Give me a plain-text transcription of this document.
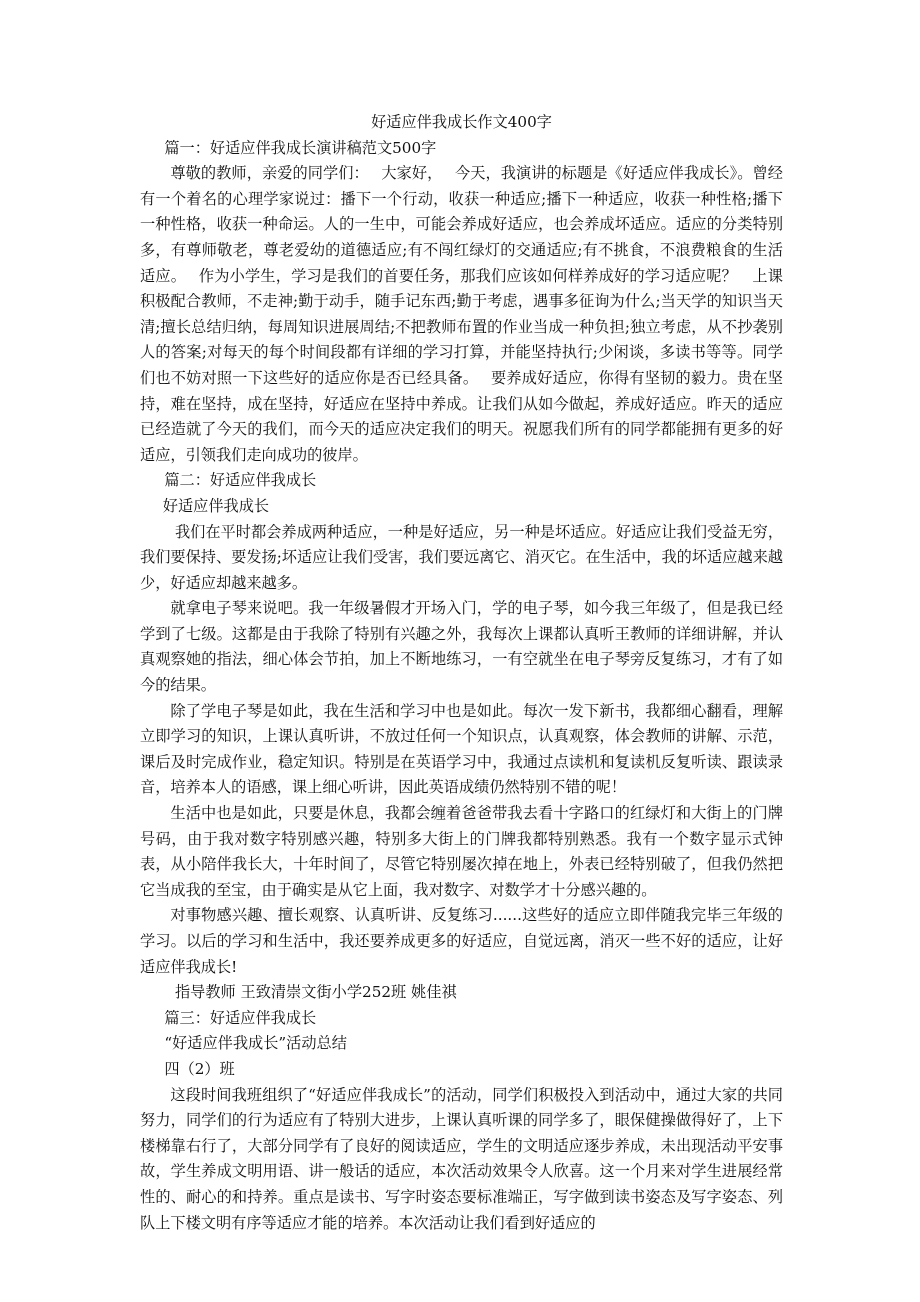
好适应伴我成长作文400字

篇一：好适应伴我成长演讲稿范文500字

尊敬的教师，亲爱的同学们：　 大家好，　 今天，我演讲的标题是《好适应伴我成长》。曾经有一个着名的心理学家说过：播下一个行动，收获一种适应;播下一种适应，收获一种性格;播下一种性格，收获一种命运。人的一生中，可能会养成好适应，也会养成坏适应。适应的分类特别多，有尊师敬老，尊老爱幼的道德适应;有不闯红绿灯的交通适应;有不挑食，不浪费粮食的生活适应。　 作为小学生，学习是我们的首要任务，那我们应该如何样养成好的学习适应呢？　上课积极配合教师，不走神;勤于动手，随手记东西;勤于考虑，遇事多征询为什么;当天学的知识当天清;擅长总结归纳，每周知识进展周结;不把教师布置的作业当成一种负担;独立考虑，从不抄袭别人的答案;对每天的每个时间段都有详细的学习打算，并能坚持执行;少闲谈，多读书等等。同学们也不妨对照一下这些好的适应你是否已经具备。　 要养成好适应，你得有坚韧的毅力。贵在坚持，难在坚持，成在坚持，好适应在坚持中养成。让我们从如今做起，养成好适应。昨天的适应已经造就了今天的我们，而今天的适应决定我们的明天。祝愿我们所有的同学都能拥有更多的好适应，引领我们走向成功的彼岸。

篇二：好适应伴我成长

好适应伴我成长

我们在平时都会养成两种适应，一种是好适应，另一种是坏适应。好适应让我们受益无穷，我们要保持、要发扬;坏适应让我们受害，我们要远离它、消灭它。在生活中，我的坏适应越来越少，好适应却越来越多。

就拿电子琴来说吧。我一年级暑假才开场入门，学的电子琴，如今我三年级了，但是我已经学到了七级。这都是由于我除了特别有兴趣之外，我每次上课都认真听王教师的详细讲解，并认真观察她的指法，细心体会节拍，加上不断地练习，一有空就坐在电子琴旁反复练习，才有了如今的结果。

除了学电子琴是如此，我在生活和学习中也是如此。每次一发下新书，我都细心翻看，理解立即学习的知识，上课认真听讲，不放过任何一个知识点，认真观察，体会教师的讲解、示范，课后及时完成作业，稳定知识。特别是在英语学习中，我通过点读机和复读机反复听读、跟读录音，培养本人的语感，课上细心听讲，因此英语成绩仍然特别不错的呢！

生活中也是如此，只要是休息，我都会缠着爸爸带我去看十字路口的红绿灯和大街上的门牌号码，由于我对数字特别感兴趣，特别多大街上的门牌我都特别熟悉。我有一个数字显示式钟表，从小陪伴我长大，十年时间了，尽管它特别屡次掉在地上，外表已经特别破了，但我仍然把它当成我的至宝，由于确实是从它上面，我对数字、对数学才十分感兴趣的。

对事物感兴趣、擅长观察、认真听讲、反复练习......这些好的适应立即伴随我完毕三年级的学习。以后的学习和生活中，我还要养成更多的好适应，自觉远离，消灭一些不好的适应，让好适应伴我成长!

指导教师 王致清崇文街小学252班 姚佳祺

篇三：好适应伴我成长

“好适应伴我成长”活动总结

四（2）班

这段时间我班组织了“好适应伴我成长”的活动，同学们积极投入到活动中，通过大家的共同努力，同学们的行为适应有了特别大进步，上课认真听课的同学多了，眼保健操做得好了，上下楼梯靠右行了，大部分同学有了良好的阅读适应，学生的文明适应逐步养成，未出现活动平安事故，学生养成文明用语、讲一般话的适应，本次活动效果令人欣喜。这一个月来对学生进展经常性的、耐心的和持养。重点是读书、写字时姿态要标准端正，写字做到读书姿态及写字姿态、列队上下楼文明有序等适应才能的培养。本次活动让我们看到好适应的
